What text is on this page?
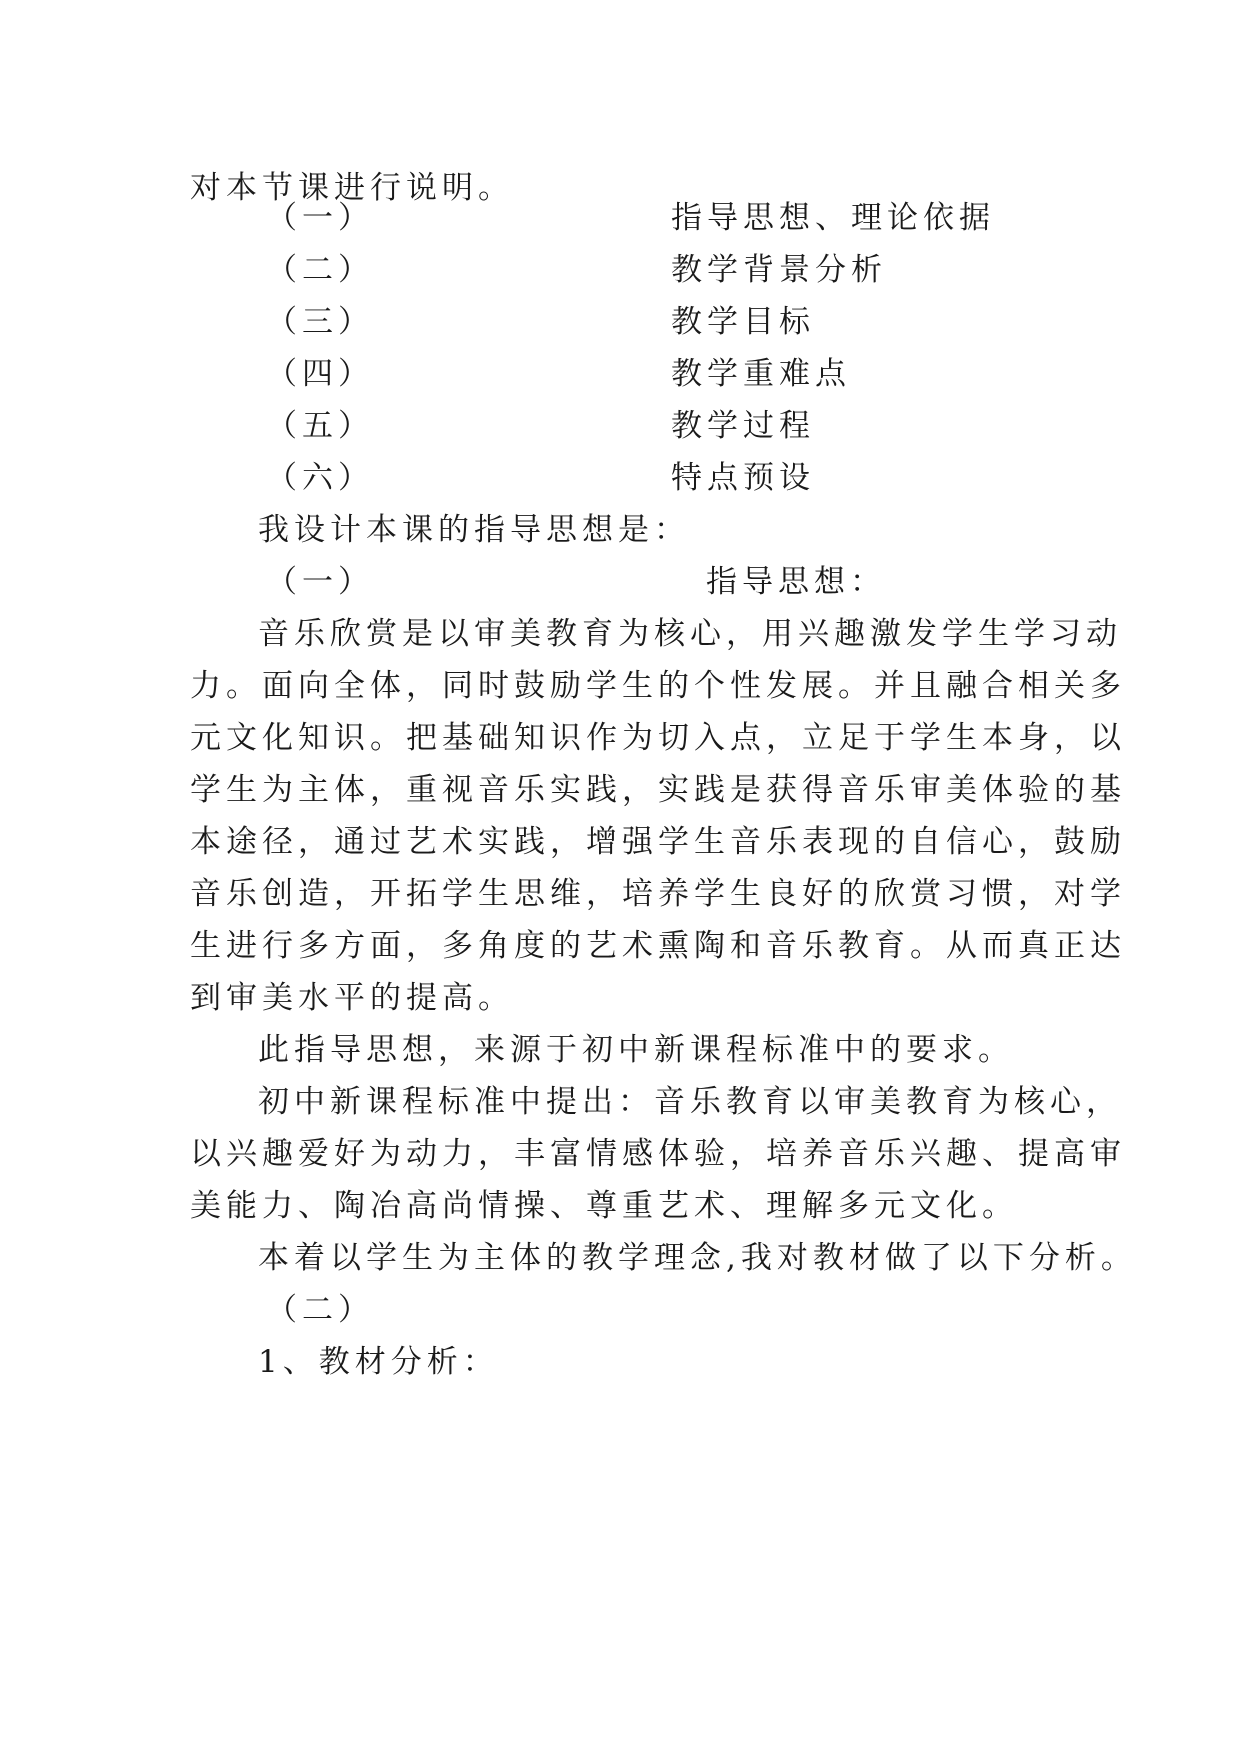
对本节课进行说明。
（一）	指导思想、理论依据
（二）	教学背景分析
（三）	教学目标
（四）	教学重难点
（五）	教学过程
（六）	特点预设
我设计本课的指导思想是：
（一）	指导思想：
音乐欣赏是以审美教育为核心，用兴趣激发学生学习动
力。面向全体，同时鼓励学生的个性发展。并且融合相关多
元文化知识。把基础知识作为切入点，立足于学生本身，以
学生为主体，重视音乐实践，实践是获得音乐审美体验的基
本途径，通过艺术实践，增强学生音乐表现的自信心，鼓励
音乐创造，开拓学生思维，培养学生良好的欣赏习惯，对学
生进行多方面，多角度的艺术熏陶和音乐教育。从而真正达
到审美水平的提高。
此指导思想，来源于初中新课程标准中的要求。
初中新课程标准中提出：音乐教育以审美教育为核心，
以兴趣爱好为动力，丰富情感体验，培养音乐兴趣、提高审
美能力、陶冶高尚情操、尊重艺术、理解多元文化。
本着以学生为主体的教学理念,我对教材做了以下分析。
（二）
1、教材分析：
